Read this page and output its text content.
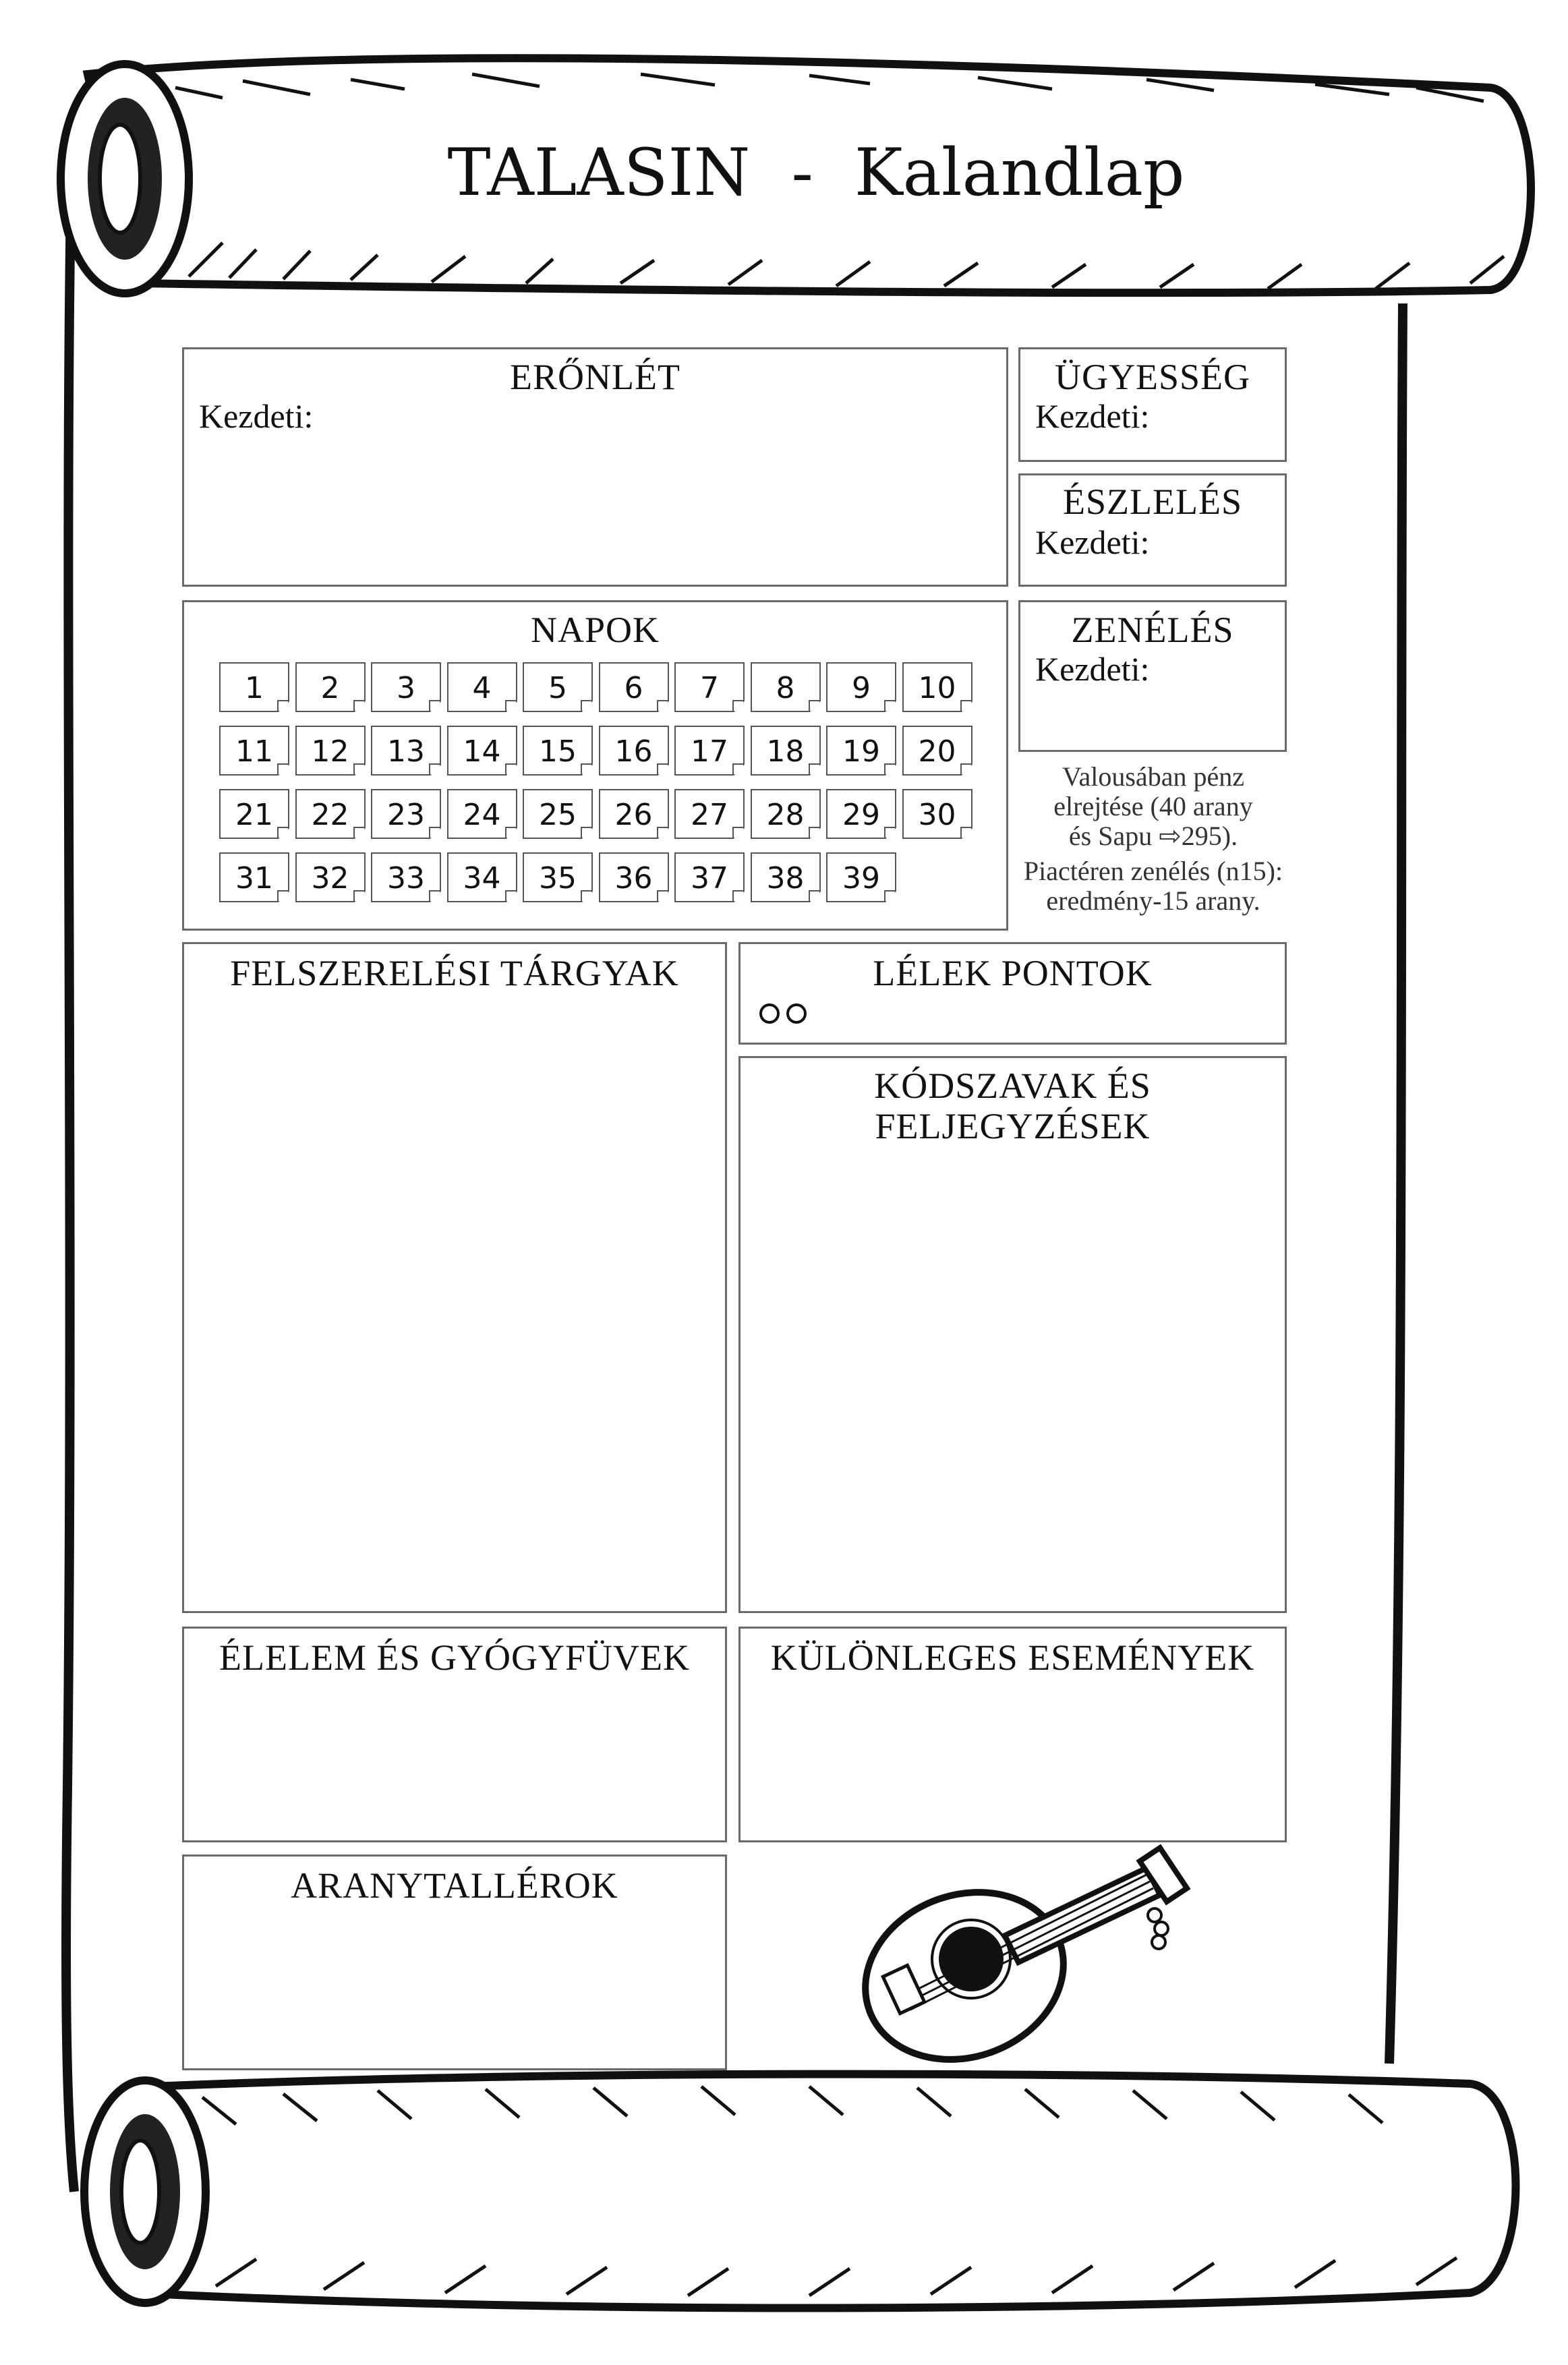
TALASIN  -  Kalandlap
ERŐNLÉT
Kezdeti:
ÜGYESSÉG
Kezdeti:
ÉSZLELÉS
Kezdeti:
NAPOK
1	2	3	4	5	6	7	8	9	10
11	12	13	14	15	16	17	18	19	20
21	22	23	24	25	26	27	28	29	30
31	32	33	34	35	36	37	38	39
ZENÉLÉS
Kezdeti:
Valousában pénz
elrejtése (40 arany
és Sapu ⇨295).
Piactéren zenélés (n15):
eredmény-15 arany.
FELSZERELÉSI TÁRGYAK	LÉLEK PONTOK
KÓDSZAVAK ÉS
FELJEGYZÉSEK
ÉLELEM ÉS GYÓGYFÜVEK	KÜLÖNLEGES ESEMÉNYEK
ARANYTALLÉROK
